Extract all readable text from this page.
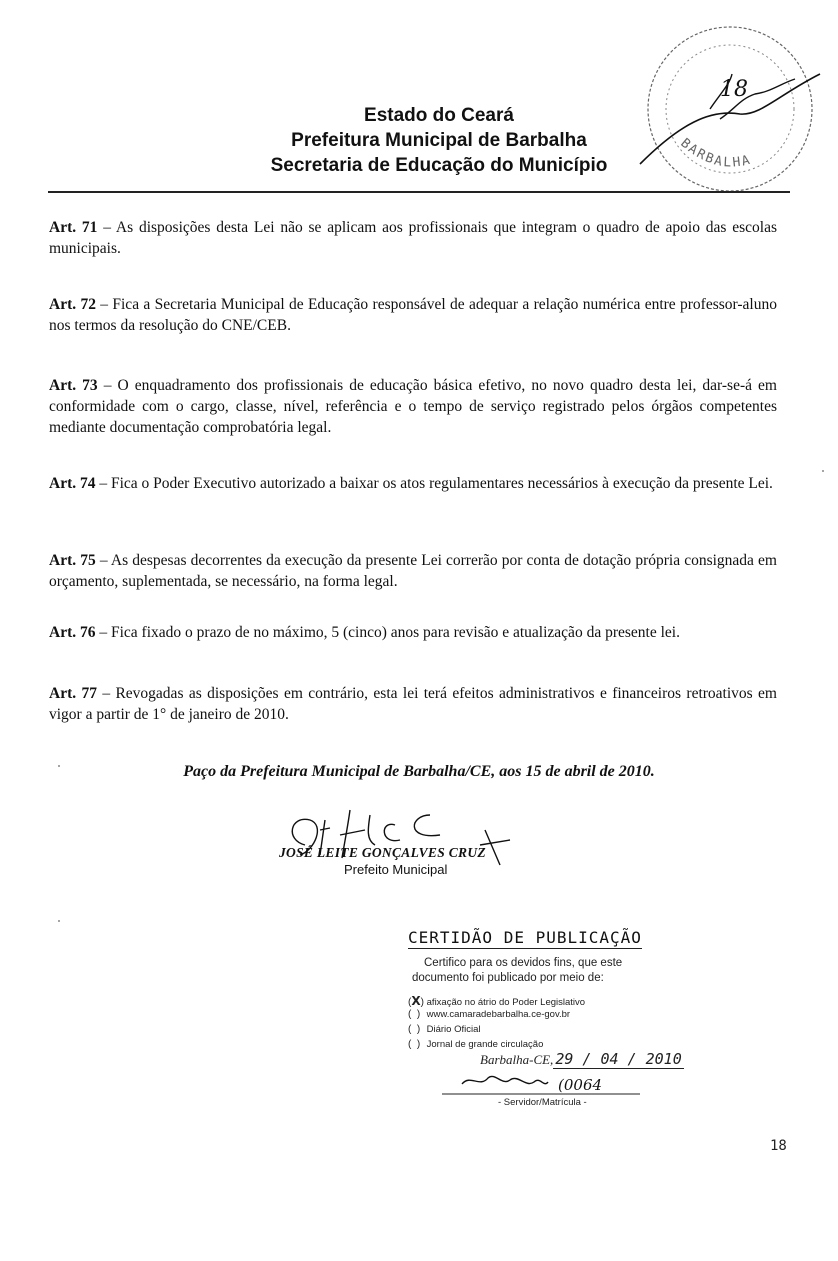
BARBALHA
18
Estado do Ceará
Prefeitura Municipal de Barbalha
Secretaria de Educação do Município
Art. 71 – As disposições desta Lei não se aplicam aos profissionais que integram o quadro de apoio das escolas municipais.
Art. 72 – Fica a Secretaria Municipal de Educação responsável de adequar a relação numérica entre professor-aluno nos termos da resolução do CNE/CEB.
Art. 73 – O enquadramento dos profissionais de educação básica efetivo, no novo quadro desta lei, dar-se-á em conformidade com o cargo, classe, nível, referência e o tempo de serviço registrado pelos órgãos competentes mediante documentação comprobatória legal.
Art. 74 – Fica o Poder Executivo autorizado a baixar os atos regulamentares necessários à execução da presente Lei.
Art. 75 – As despesas decorrentes da execução da presente Lei correrão por conta de dotação própria consignada em orçamento, suplementada, se necessário, na forma legal.
Art. 76 – Fica fixado o prazo de no máximo, 5 (cinco) anos para revisão e atualização da presente lei.
Art. 77 – Revogadas as disposições em contrário, esta lei terá efeitos administrativos e financeiros retroativos em vigor a partir de 1° de janeiro de 2010.
Paço da Prefeitura Municipal de Barbalha/CE, aos 15 de abril de 2010.
JOSÉ LEITE GONÇALVES CRUZ
Prefeito Municipal
CERTIDÃO DE PUBLICAÇÃO
Certifico para os devidos fins, que este
documento foi publicado por meio de:
(X) afixação no átrio do Poder Legislativo
(  ) www.camaradebarbalha.ce-gov.br
(  ) Diário Oficial
(  ) Jornal de grande circulação
Barbalha-CE, 29 / 04 / 2010
(0064
- Servidor/Matrícula -
18
